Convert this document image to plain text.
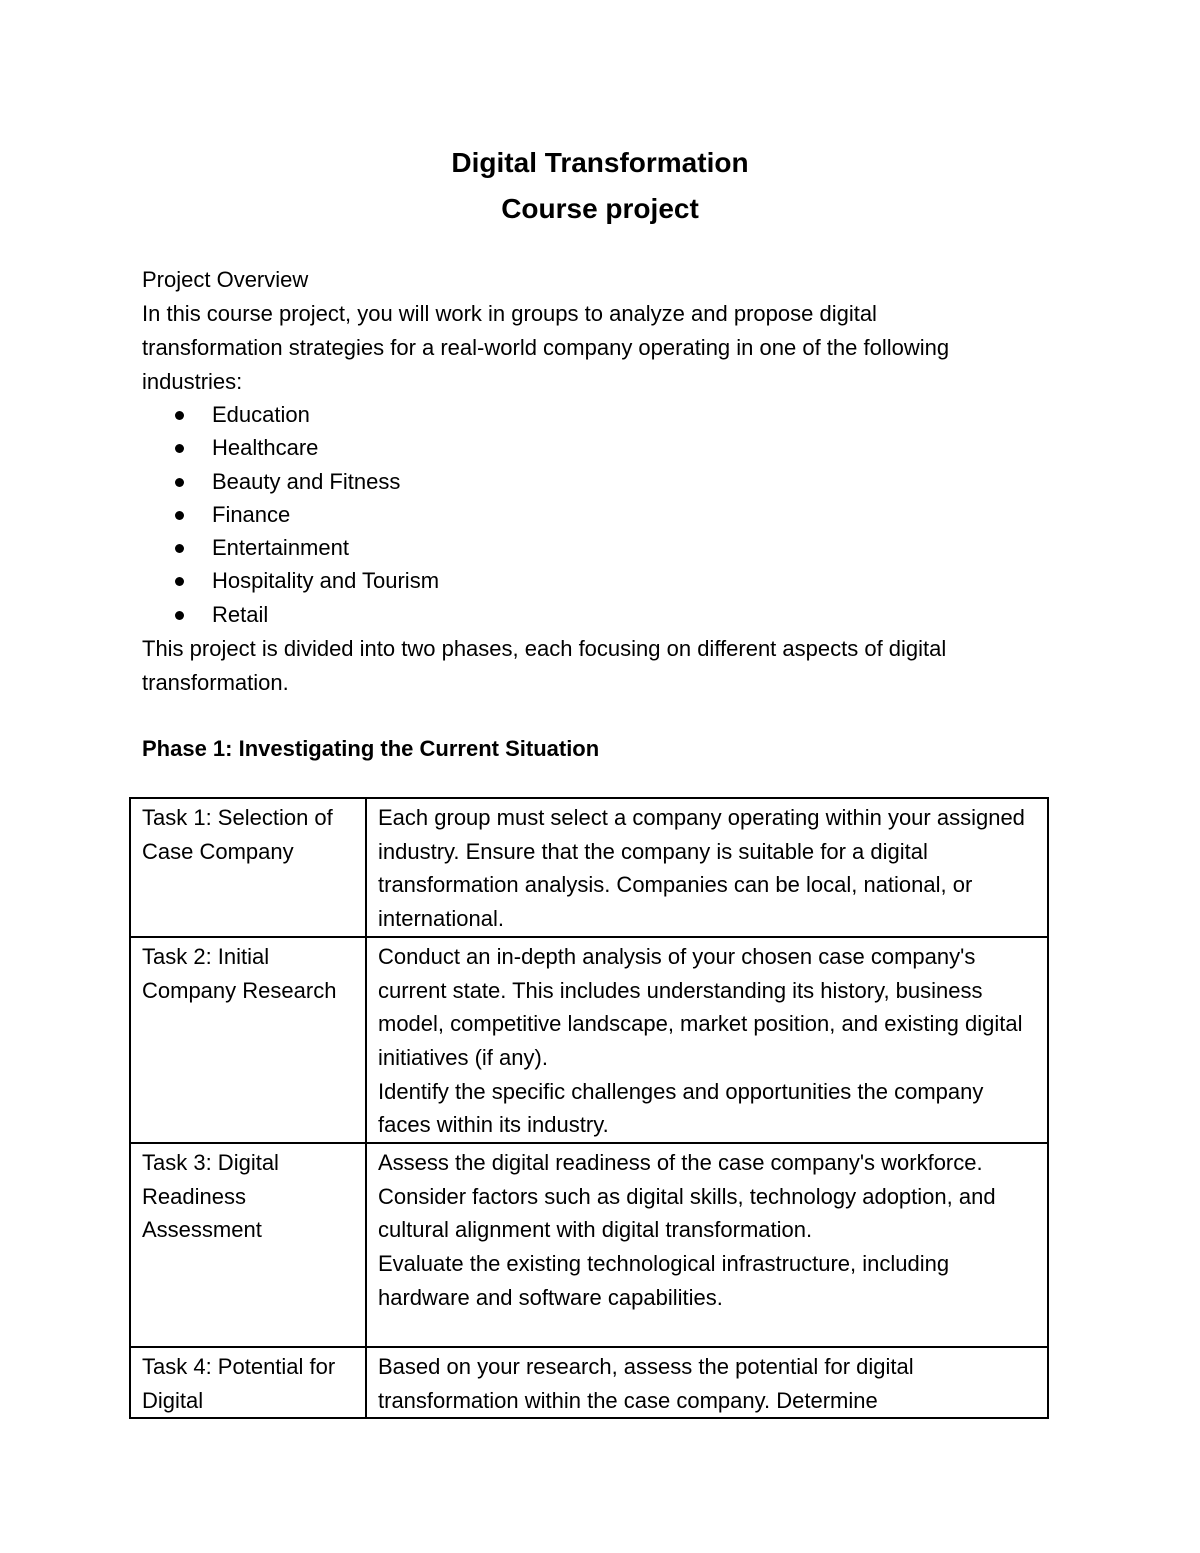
Digital Transformation
Course project
Project Overview
In this course project, you will work in groups to analyze and propose digital transformation strategies for a real-world company operating in one of the following industries:
Education
Healthcare
Beauty and Fitness
Finance
Entertainment
Hospitality and Tourism
Retail
This project is divided into two phases, each focusing on different aspects of digital transformation.
Phase 1: Investigating the Current Situation
Task 1: Selection of Case Company	Each group must select a company operating within your assigned industry. Ensure that the company is suitable for a digital transformation analysis. Companies can be local, national, or international.

Task 2: Initial Company Research	Conduct an in-depth analysis of your chosen case company's current state. This includes understanding its history, business model, competitive landscape, market position, and existing digital initiatives (if any).
Identify the specific challenges and opportunities the company faces within its industry.

Task 3: Digital Readiness Assessment	Assess the digital readiness of the case company's workforce. Consider factors such as digital skills, technology adoption, and cultural alignment with digital transformation.
Evaluate the existing technological infrastructure, including hardware and software capabilities.

Task 4: Potential for Digital	Based on your research, assess the potential for digital transformation within the case company. Determine
